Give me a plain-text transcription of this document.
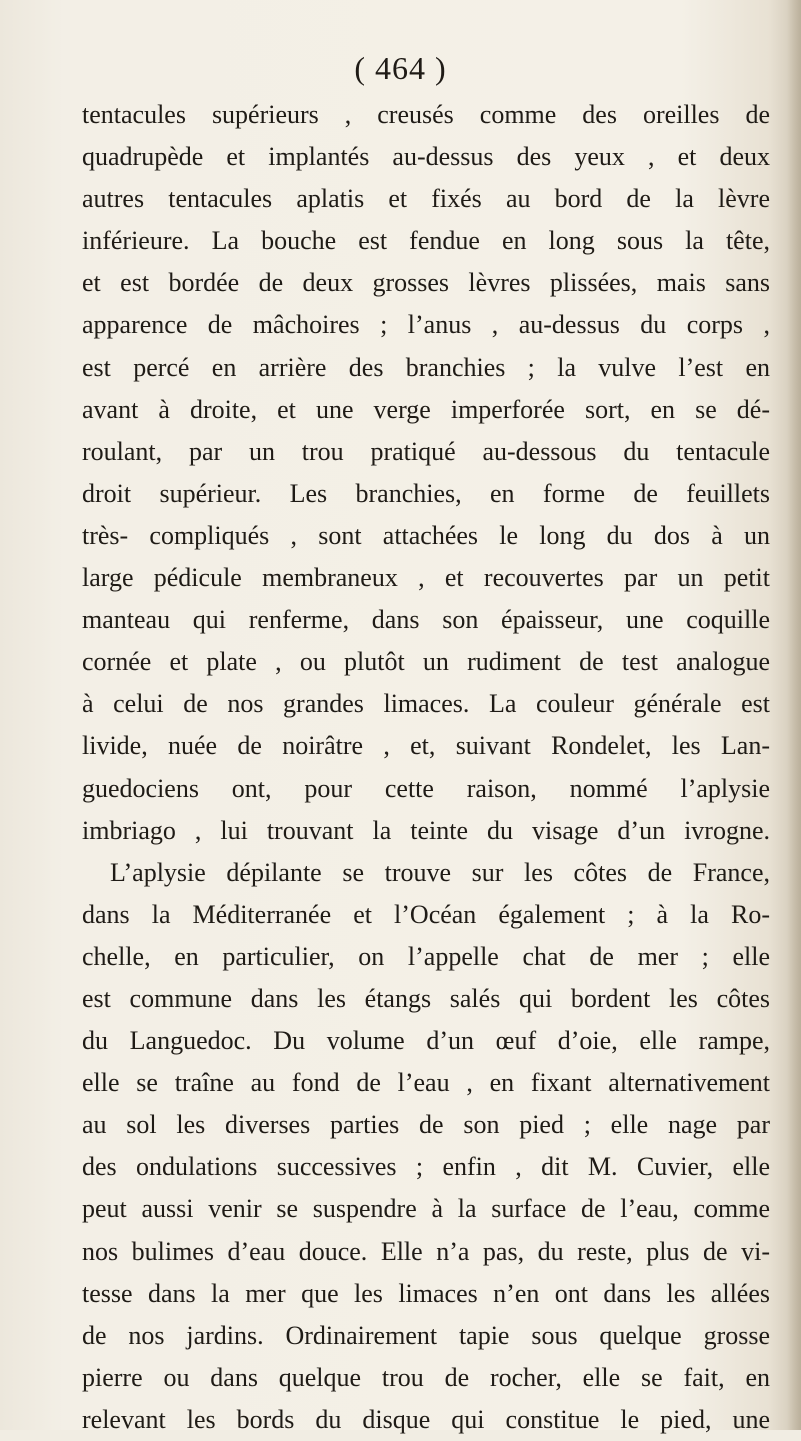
( 464 )
tentacules supérieurs , creusés comme des oreilles de
quadrupède et implantés au-dessus des yeux , et deux
autres tentacules aplatis et fixés au bord de la lèvre
inférieure. La bouche est fendue en long sous la tête,
et est bordée de deux grosses lèvres plissées, mais sans
apparence de mâchoires ; l’anus , au-dessus du corps ,
est percé en arrière des branchies ; la vulve l’est en
avant à droite, et une verge imperforée sort, en se dé-
roulant, par un trou pratiqué au-dessous du tentacule
droit supérieur. Les branchies, en forme de feuillets
très- compliqués , sont attachées le long du dos à un
large pédicule membraneux , et recouvertes par un petit
manteau qui renferme, dans son épaisseur, une coquille
cornée et plate , ou plutôt un rudiment de test analogue
à celui de nos grandes limaces. La couleur générale est
livide, nuée de noirâtre , et, suivant Rondelet, les Lan-
guedociens ont, pour cette raison, nommé l’aplysie
imbriago , lui trouvant la teinte du visage d’un ivrogne.
L’aplysie dépilante se trouve sur les côtes de France,
dans la Méditerranée et l’Océan également ; à la Ro-
chelle, en particulier, on l’appelle chat de mer ; elle
est commune dans les étangs salés qui bordent les côtes
du Languedoc. Du volume d’un œuf d’oie, elle rampe,
elle se traîne au fond de l’eau , en fixant alternativement
au sol les diverses parties de son pied ; elle nage par
des ondulations successives ; enfin , dit M. Cuvier, elle
peut aussi venir se suspendre à la surface de l’eau, comme
nos bulimes d’eau douce. Elle n’a pas, du reste, plus de vi-
tesse dans la mer que les limaces n’en ont dans les allées
de nos jardins. Ordinairement tapie sous quelque grosse
pierre ou dans quelque trou de rocher, elle se fait, en
relevant les bords du disque qui constitue le pied, une
